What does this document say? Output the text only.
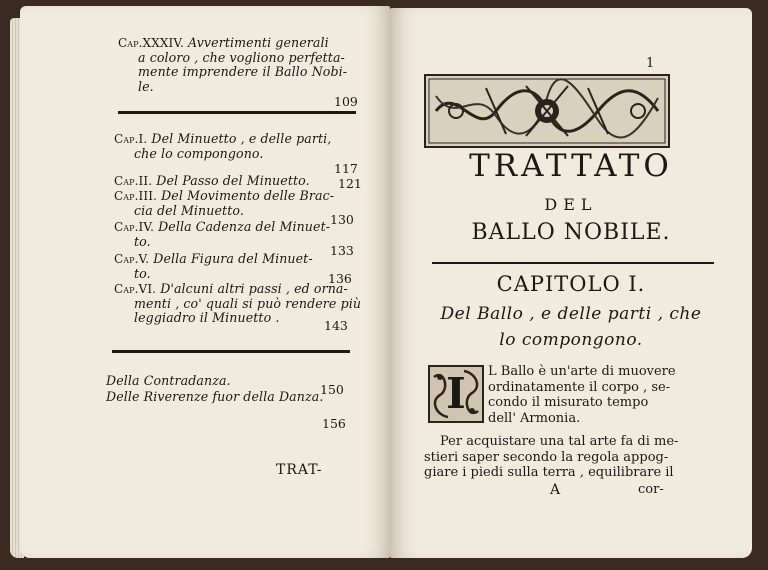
Cap.XXXIV. Avvertimenti generali
a coloro , che vogliono perfetta-
mente imprendere il Ballo Nobi-
le.
109
Cap.I. Del Minuetto , e delle parti,
che lo compongono.
117
Cap.II. Del Passo del Minuetto.	121
Cap.III. Del Movimento delle Brac-
cia del Minuetto.
130
Cap.IV. Della Cadenza del Minuet-
to.
133
Cap.V. Della Figura del Minuet-
to.	136
Cap.VI. D'alcuni altri passi , ed orna-
menti , co' quali si può rendere più
leggiadro il Minuetto .
143
Della Contradanza.
150
Delle Riverenze fuor della Danza.
156
TRAT-
1
TRATTATO
DEL
BALLO NOBILE.
CAPITOLO I.
Del Ballo , e delle parti , che
lo compongono.
I	L Ballo è un'arte di muovere
ordinatamente il corpo , se-
condo il misurato tempo
dell' Armonia.
Per acquistare una tal arte fa di me-
stieri saper secondo la regola appog-
giare i piedi sulla terra , equilibrare il
A	cor-
